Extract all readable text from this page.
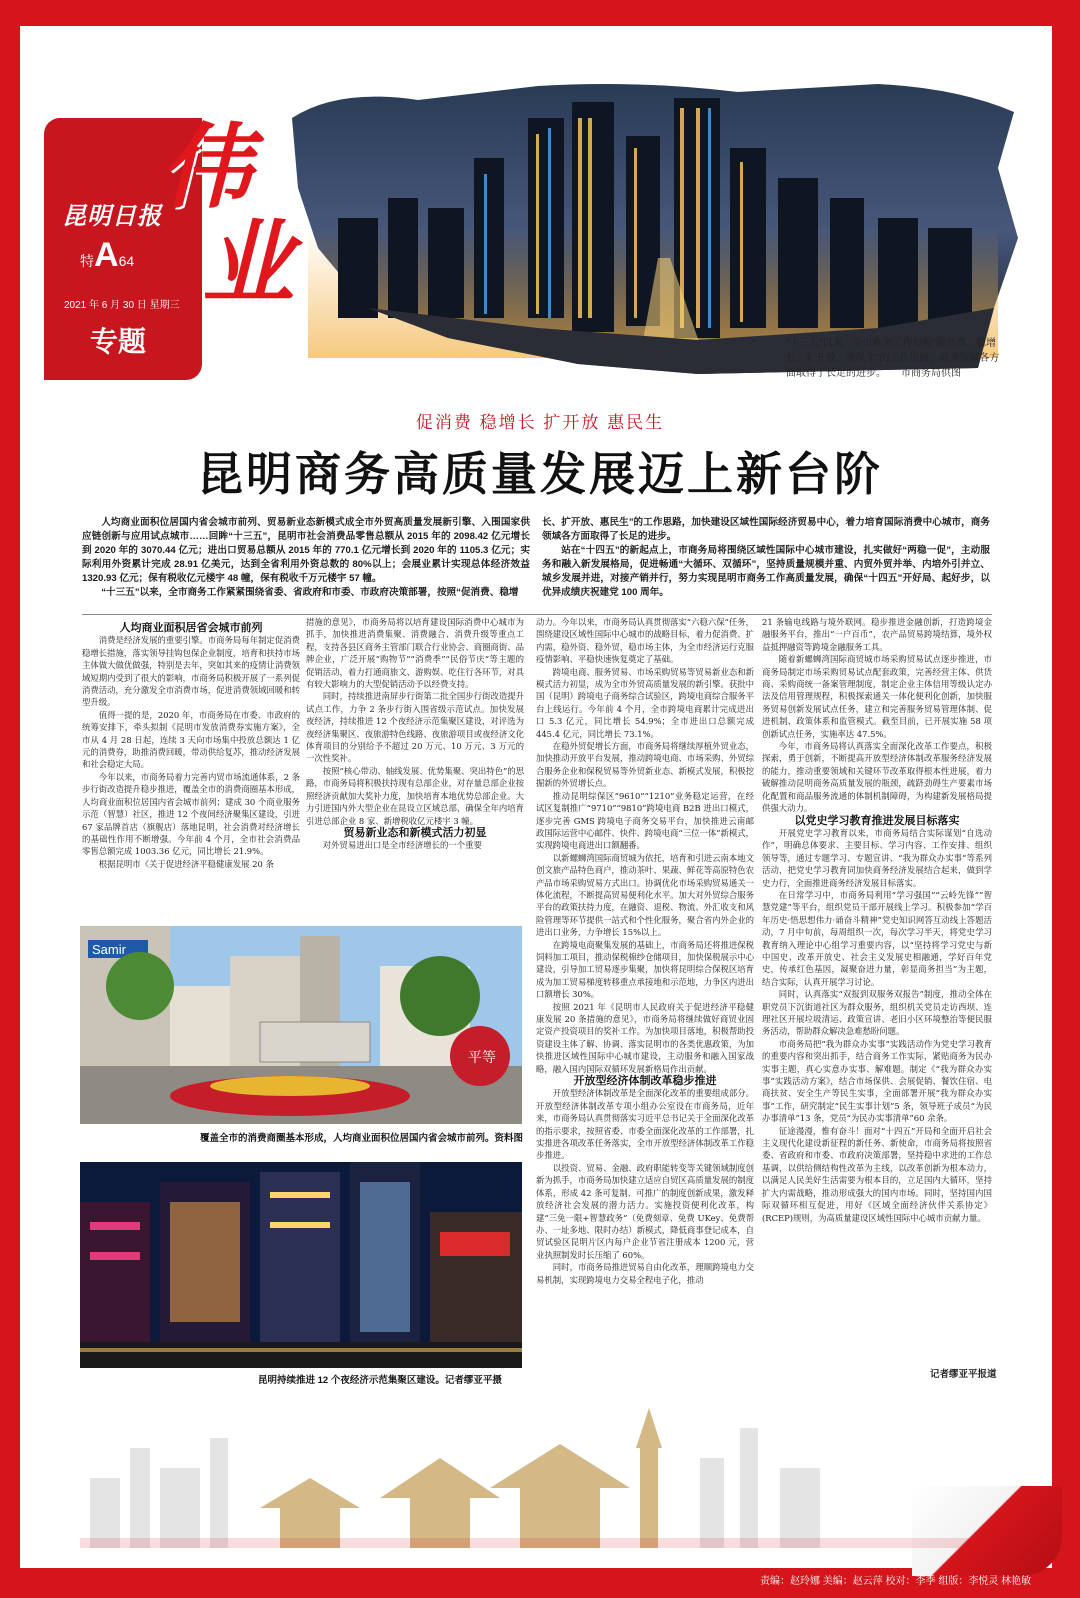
昆明日报
特A64
2021 年 6 月 30 日 星期三
专题
伟
业
“十三五”以来，全市商务工作按照“促消费、稳增长、扩开放、惠民生”的工作思路，商务领域各方面取得了长足的进步。　　市商务局供图
促消费 稳增长 扩开放 惠民生
昆明商务高质量发展迈上新台阶

人均商业面积位居国内省会城市前列、贸易新业态新模式成全市外贸高质量发展新引擎、入围国家供应链创新与应用试点城市……回眸“十三五”，昆明市社会消费品零售总额从 2015 年的 2098.42 亿元增长到 2020 年的 3070.44 亿元；进出口贸易总额从 2015 年的 770.1 亿元增长到 2020 年的 1105.3 亿元；实际利用外资累计完成 28.91 亿美元，达到全省利用外资总数的 80%以上；会展业累计实现总体经济效益 1320.93 亿元；保有税收亿元楼宇 48 幢，保有税收千万元楼宇 57 幢。

“十三五”以来，全市商务工作紧紧围绕省委、省政府和市委、市政府决策部署，按照“促消费、稳增

长、扩开放、惠民生”的工作思路，加快建设区域性国际经济贸易中心，着力培育国际消费中心城市，商务领域各方面取得了长足的进步。

站在“十四五”的新起点上，市商务局将围绕区域性国际中心城市建设，扎实做好“两稳一促”，主动服务和融入新发展格局，促进畅通“大循环、双循环”，坚持质量规模并重、内贸外贸并举、内培外引并立、城乡发展并进，对接产销并行，努力实现昆明市商务工作高质量发展，确保“十四五”开好局、起好步，以优异成绩庆祝建党 100 周年。

人均商业面积居省会城市前列

消费是经济发展的重要引擎。市商务局每年制定促消费稳增长措施，落实领导挂钩包保企业制度，培育和扶持市场主体做大做优做强，特别是去年，突如其来的疫情让消费领域短期内受到了很大的影响，市商务局积极开展了一系列促消费活动，充分激发全市消费市场，促进消费领域回暖和转型升级。

值得一提的是，2020 年，市商务局在市委、市政府的统筹安排下，牵头拟制《昆明市发放消费券实施方案》，全市从 4 月 28 日起，连续 3 天向市场集中投放总额达 1 亿元的消费券，助推消费回暖，带动供给复苏，推动经济发展和社会稳定大局。

今年以来，市商务局着力完善内贸市场流通体系，2 条步行街改造提升稳步推进，覆盖全市的消费商圈基本形成，人均商业面积位居国内省会城市前列；建成 30 个商业服务示范（智慧）社区，推进 12 个夜间经济聚集区建设，引进 67 家品牌首店（旗舰店）落地昆明，社会消费对经济增长的基础性作用不断增强。今年前 4 个月，全市社会消费品零售总额完成 1003.36 亿元，同比增长 21.9%。

根据昆明市《关于促进经济平稳健康发展 20 条

措施的意见》，市商务局将以培育建设国际消费中心城市为抓手，加快推进消费集聚、消费融合、消费升级等重点工程，支持各县区商务主管部门联合行业协会、商圈商街、品牌企业，广泛开展“购物节”“消费季”“民俗节庆”等主题的促销活动，着力打通商旅文、游购娱、吃住行各环节，对具有较大影响力的大型促销活动予以经费支持。

同时，持续推进南屏步行街第二批全国步行街改造提升试点工作，力争 2 条步行街入围省级示范试点。加快发展夜经济，持续推进 12 个夜经济示范集聚区建设，对评选为夜经济集聚区、夜旅游特色线路、夜旅游项目或夜经济文化体育项目的分别给予不超过 20 万元、10 万元、3 万元的一次性奖补。

按照“核心带动、轴线发展、优势集聚、突出特色”的思路，市商务局将积极扶持现有总部企业，对存量总部企业按照经济贡献加大奖补力度，加快培育本地优势总部企业。大力引进国内外大型企业在昆设立区域总部，确保全年内培育引进总部企业 8 家、新增税收亿元楼宇 3 幢。

贸易新业态和新模式活力初显

对外贸易进出口是全市经济增长的一个重要

动力。今年以来，市商务局认真贯彻落实“六稳六保”任务，围绕建设区域性国际中心城市的战略目标，着力促消费、扩内需，稳外资、稳外贸，稳市场主体，为全市经济运行克服疫情影响、平稳快速恢复奠定了基础。

跨境电商、服务贸易、市场采购贸易等贸易新业态和新模式活力初显，成为全市外贸高质量发展的新引擎。获批中国（昆明）跨境电子商务综合试验区，跨境电商综合服务平台上线运行。今年前 4 个月，全市跨境电商累计完成进出口 5.3 亿元，同比增长 54.9%；全市进出口总额完成 445.4 亿元，同比增长 73.1%。

在稳外贸促增长方面，市商务局将继续厚植外贸业态，加快推动开放平台发展，推动跨境电商、市场采购、外贸综合服务企业和保税贸易等外贸新业态、新模式发展，积极挖掘新的外贸增长点。

推动昆明综保区“9610”“1210”业务稳定运营，在经试区复制推广“9710”“9810”跨境电商 B2B 进出口模式，逐步完善 GMS 跨境电子商务交易平台，加快推进云南邮政国际运营中心邮件、快件、跨境电商“三位一体”新模式，实现跨境电商进出口额翻番。

以新螺蛳湾国际商贸城为依托，培育和引进云南本地文创文旅产品特色商户，推动茶叶、果蔬、鲜花等高原特色农产品市场采购贸易方式出口。协调优化市场采购贸易通关一体化流程，不断提高贸易便利化水平。加大对外贸综合服务平台的政策扶持力度，在融资、退税、物流、外汇收支和风险管理等环节提供一站式和个性化服务，聚合省内外企业的进出口业务，力争增长 15%以上。

在跨境电商聚集发展的基础上，市商务局还将推进保税饲料加工项目，推动保税棉纱仓储项目，加快保税展示中心建设，引导加工贸易逐步集聚，加快将昆明综合保税区培育成为加工贸易梯度转移重点承接地和示范地，力争区内进出口额增长 30%。

按照 2021 年《昆明市人民政府关于促进经济平稳健康发展 20 条措施的意见》，市商务局将继续做好商贸业固定资产投资项目的奖补工作。为加快项目落地，积极帮助投资建设主体了解、协调、落实昆明市的各类优惠政策，为加快推进区域性国际中心城市建设，主动服务和融入国家战略，融入国内国际双循环发展新格局作出贡献。

开放型经济体制改革稳步推进

开放型经济体制改革是全面深化改革的重要组成部分。开放型经济体制改革专项小组办公室设在市商务局，近年来，市商务局认真贯彻落实习近平总书记关于全面深化改革的指示要求，按照省委、市委全面深化改革的工作部署，扎实推进各项改革任务落实，全市开放型经济体制改革工作稳步推进。

以投资、贸易、金融、政府职能转变等关键领域制度创新为抓手，市商务局加快建立适应自贸区高质量发展的制度体系，形成 42 条可复制、可推广的制度创新成果，激发释放经济社会发展的潜力活力。实施投资便利化改革，构建“三免一限+智慧政务”（免费刻章、免费 UKey、免费帮办、一址多地、限时办结）新模式，降低商事登记成本，自贸试验区昆明片区内每户企业节省注册成本 1200 元，营业执照制发时长压缩了 60%。

同时，市商务局推进贸易自由化改革，理顺跨境电力交易机制，实现跨境电力交易全程电子化，推动

21 条输电线路与境外联网。稳步推进金融创新，打造跨境金融服务平台，推出“一户百币”，农产品贸易跨境结算，境外权益抵押融资等跨境金融服务工具。

随着新螺蛳湾国际商贸城市场采购贸易试点逐步推进，市商务局制定市场采购贸易试点配套政策，完善经营主体、供货商、采购商统一备案管理制度，制定企业主体信用等级认定办法及信用管理规程，积极探索通关一体化便利化创新，加快服务贸易创新发展试点任务，建立和完善服务贸易管理体制、促进机制、政策体系和监管模式。截至目前，已开展实施 58 项创新试点任务，实施率达 47.5%。

今年，市商务局将认真落实全面深化改革工作要点，积极探索，勇于创新，不断提高开放型经济体制改革服务经济发展的能力，推动重要领域和关键环节改革取得根本性进展，着力破解推动昆明商务高质量发展的瓶颈，疏跻劲碍生产要素市场化配置和商品服务流通的体制机制障碍，为构建新发展格局提供强大动力。

以党史学习教育推进发展目标落实

开展党史学习教育以来，市商务局结合实际谋划“自选动作”，明确总体要求、主要目标、学习内容、工作安排、组织领导等，通过专题学习、专题宣讲、“我为群众办实事”等系列活动，把党史学习教育同加快商务经济发展结合起来，做到学史力行，全面推进商务经济发展目标落实。

在日常学习中，市商务局利用“学习强国”“云岭先锋”“智慧党建”等平台，组织党员干部开展线上学习。积极参加“学百年历史·悟思想伟力·诵奋斗精神”党史知识网答互动线上答题活动，7 月中旬前，每周组织一次，每次学习半天，将党史学习教育纳入理论中心组学习重要内容，以“坚持将学习党史与新中国史、改革开放史、社会主义发展史相融通，学好百年党史，传承红色基因，凝聚奋进力量，彰显商务担当”为主题，结合实际，认真开展学习讨论。

同时，认真落实“双报到双服务双报告”制度，推动全体在职党员下沉街道社区为群众服务，组织机关党员走访西坝、连理社区开展垃圾清运、政策宣讲、老旧小区环境整治等便民服务活动，帮助群众解决急难愁盼问题。

市商务局把“我为群众办实事”实践活动作为党史学习教育的重要内容和突出抓手，结合商务工作实际，紧贴商务为民办实事主题，真心实意办实事、解难题。制定《“我为群众办实事”实践活动方案》，结合市场保供、会展促销、餐饮住宿、电商扶贫、安全生产等民生实事，全面部署开展“我为群众办实事”工作，研究制定“民生实事计划”5 条，领导班子成员“为民办事清单”13 条，党员“为民办实事清单”60 余条。

征途漫漫，惟有奋斗！面对“十四五”开局和全面开启社会主义现代化建设新征程的新任务、新使命，市商务局将按照省委、省政府和市委、市政府决策部署，坚持稳中求进的工作总基调，以供给侧结构性改革为主线，以改革创新为根本动力，以满足人民美好生活需要为根本目的，立足国内大循环，坚持扩大内需战略，推动形成强大的国内市场。同时，坚持国内国际双循环相互促进，用好《区域全面经济伙伴关系协定》(RCEP)规则，为高质量建设区域性国际中心城市贡献力量。

记者缪亚平报道
Samir
平等
覆盖全市的消费商圈基本形成，人均商业面积位居国内省会城市前列。资料图
昆明持续推进 12 个夜经济示范集聚区建设。记者缪亚平摄
责编：赵玲娜 美编：赵云萍 校对：李季 组版：李悦灵 林艳敏
